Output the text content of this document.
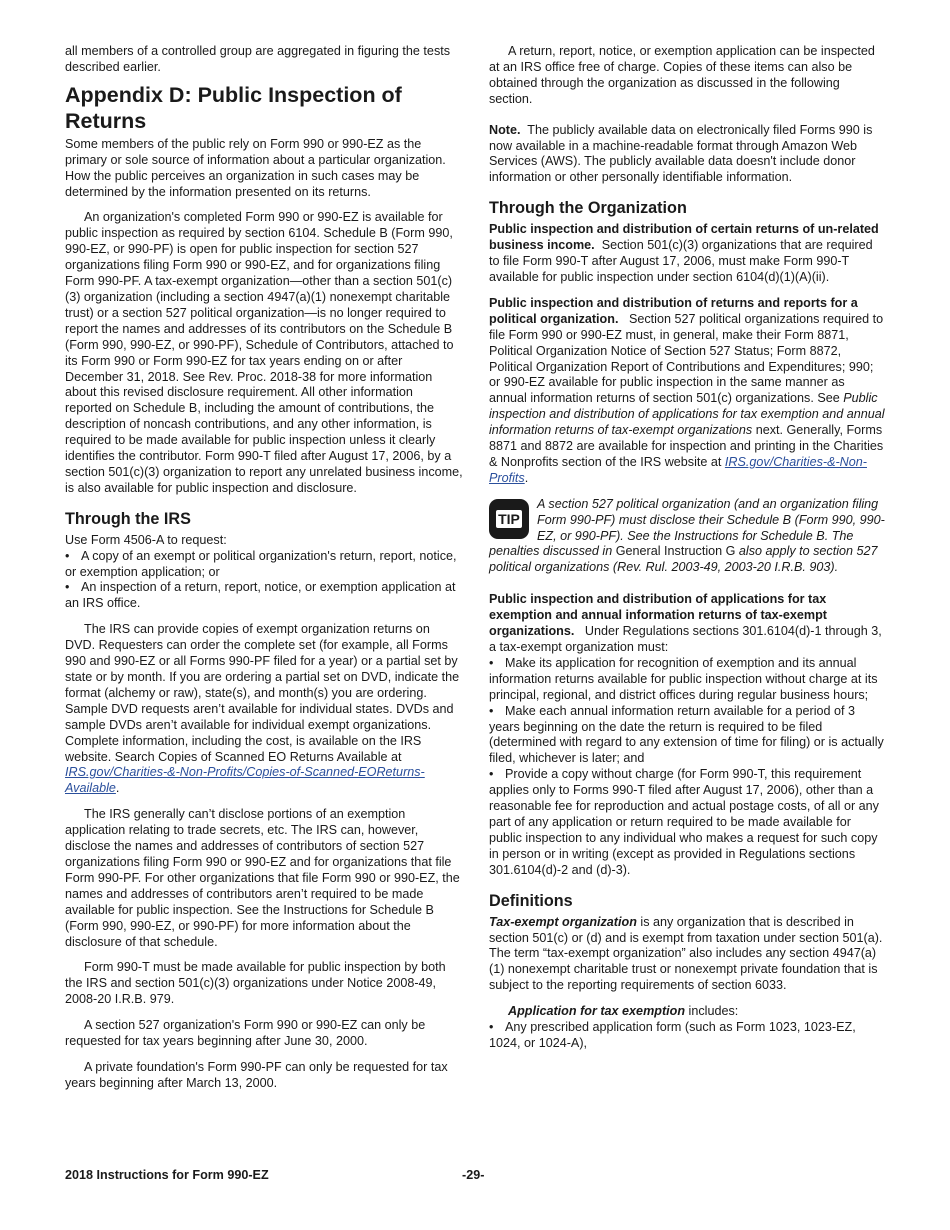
all members of a controlled group are aggregated in figuring the tests described earlier.

Appendix D: Public Inspection of Returns

Some members of the public rely on Form 990 or 990-EZ as the primary or sole source of information about a particular organization. How the public perceives an organization in such cases may be determined by the information presented on its returns.

An organization's completed Form 990 or 990-EZ is available for public inspection as required by section 6104. Schedule B (Form 990, 990-EZ, or 990-PF) is open for public inspection for section 527 organizations filing Form 990 or 990-EZ, and for organizations filing Form 990-PF. A tax-exempt organization—other than a section 501(c)(3) organization (including a section 4947(a)(1) nonexempt charitable trust) or a section 527 political organization—is no longer required to report the names and addresses of its contributors on the Schedule B (Form 990, 990-EZ, or 990-PF), Schedule of Contributors, attached to its Form 990 or Form 990-EZ for tax years ending on or after December 31, 2018. See Rev. Proc. 2018-38 for more information about this revised disclosure requirement. All other information reported on Schedule B, including the amount of contributions, the description of noncash contributions, and any other information, is required to be made available for public inspection unless it clearly identifies the contributor. Form 990-T filed after August 17, 2006, by a section 501(c)(3) organization to report any unrelated business income, is also available for public inspection and disclosure.

Through the IRS

Use Form 4506-A to request:

• A copy of an exempt or political organization's return, report, notice, or exemption application; or

• An inspection of a return, report, notice, or exemption application at an IRS office.

The IRS can provide copies of exempt organization returns on DVD. Requesters can order the complete set (for example, all Forms 990 and 990-EZ or all Forms 990-PF filed for a year) or a partial set by state or by month. If you are ordering a partial set on DVD, indicate the format (alchemy or raw), state(s), and month(s) you are ordering. Sample DVD requests aren’t available for individual states. DVDs and sample DVDs aren’t available for individual exempt organizations. Complete information, including the cost, is available on the IRS website. Search Copies of Scanned EO Returns Available at IRS.gov/Charities-&-Non-Profits/Copies-of-Scanned-EOReturns-Available.

The IRS generally can’t disclose portions of an exemption application relating to trade secrets, etc. The IRS can, however, disclose the names and addresses of contributors of section 527 organizations filing Form 990 or 990-EZ and for organizations that file Form 990-PF. For other organizations that file Form 990 or 990-EZ, the names and addresses of contributors aren’t required to be made available for public inspection. See the Instructions for Schedule B (Form 990, 990-EZ, or 990-PF) for more information about the disclosure of that schedule.

Form 990-T must be made available for public inspection by both the IRS and section 501(c)(3) organizations under Notice 2008-49, 2008-20 I.R.B. 979.

A section 527 organization's Form 990 or 990-EZ can only be requested for tax years beginning after June 30, 2000.

A private foundation's Form 990-PF can only be requested for tax years beginning after March 13, 2000.

A return, report, notice, or exemption application can be inspected at an IRS office free of charge. Copies of these items can also be obtained through the organization as discussed in the following section.

Note. The publicly available data on electronically filed Forms 990 is now available in a machine-readable format through Amazon Web Services (AWS). The publicly available data doesn't include donor information or other personally identifiable information.

Through the Organization

Public inspection and distribution of certain returns of un-related business income. Section 501(c)(3) organizations that are required to file Form 990-T after August 17, 2006, must make Form 990-T available for public inspection under section 6104(d)(1)(A)(ii).

Public inspection and distribution of returns and reports for a political organization. Section 527 political organizations required to file Form 990 or 990-EZ must, in general, make their Form 8871, Political Organization Notice of Section 527 Status; Form 8872, Political Organization Report of Contributions and Expenditures; 990; or 990-EZ available for public inspection in the same manner as annual information returns of section 501(c) organizations. See Public inspection and distribution of applications for tax exemption and annual information returns of tax-exempt organizations next. Generally, Forms 8871 and 8872 are available for inspection and printing in the Charities & Nonprofits section of the IRS website at IRS.gov/Charities-&-Non-Profits.

TIP

A section 527 political organization (and an organization filing Form 990-PF) must disclose their Schedule B (Form 990, 990-EZ, or 990-PF). See the Instructions for Schedule B. The penalties discussed in General Instruction G also apply to section 527 political organizations (Rev. Rul. 2003-49, 2003-20 I.R.B. 903).

Public inspection and distribution of applications for tax exemption and annual information returns of tax-exempt organizations. Under Regulations sections 301.6104(d)-1 through 3, a tax-exempt organization must:

• Make its application for recognition of exemption and its annual information returns available for public inspection without charge at its principal, regional, and district offices during regular business hours;

• Make each annual information return available for a period of 3 years beginning on the date the return is required to be filed (determined with regard to any extension of time for filing) or is actually filed, whichever is later; and

• Provide a copy without charge (for Form 990-T, this requirement applies only to Forms 990-T filed after August 17, 2006), other than a reasonable fee for reproduction and actual postage costs, of all or any part of any application or return required to be made available for public inspection to any individual who makes a request for such copy in person or in writing (except as provided in Regulations sections 301.6104(d)-2 and (d)-3).

Definitions

Tax-exempt organization is any organization that is described in section 501(c) or (d) and is exempt from taxation under section 501(a). The term “tax-exempt organization” also includes any section 4947(a)(1) nonexempt charitable trust or nonexempt private foundation that is subject to the reporting requirements of section 6033.

Application for tax exemption includes:

• Any prescribed application form (such as Form 1023, 1023-EZ, 1024, or 1024-A),

2018 Instructions for Form 990-EZ	-29-
